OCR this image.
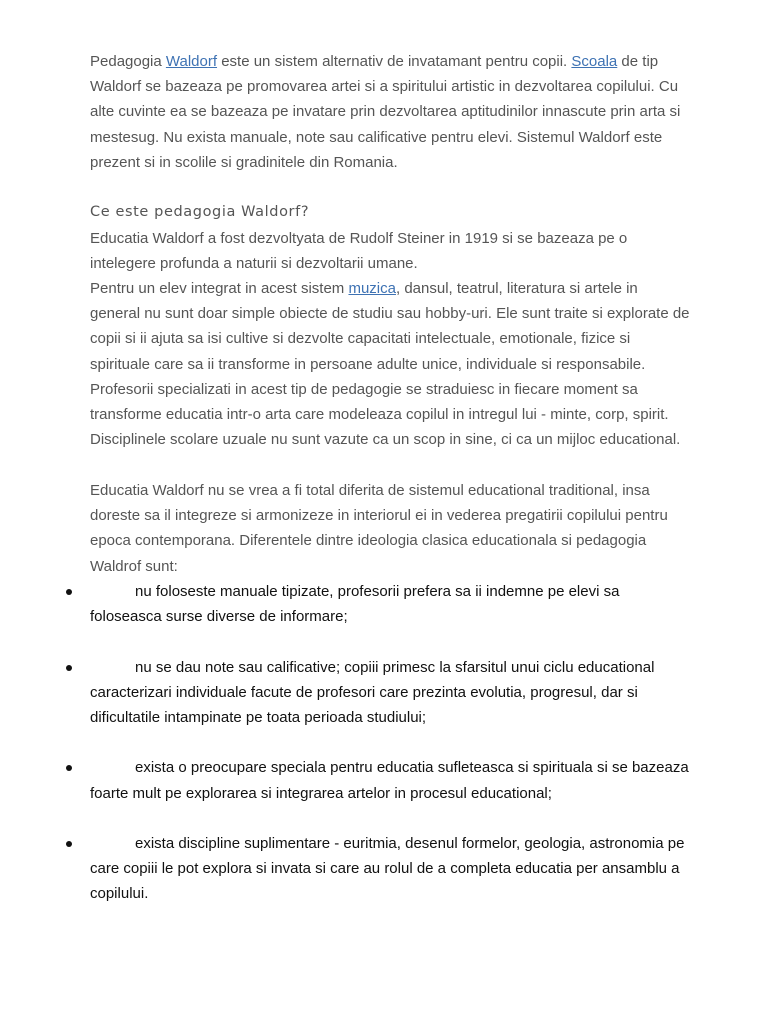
Pedagogia Waldorf este un sistem alternativ de invatamant pentru copii. Scoala de tip Waldorf se bazeaza pe promovarea artei si a spiritului artistic in dezvoltarea copilului. Cu alte cuvinte ea se bazeaza pe invatare prin dezvoltarea aptitudinilor innascute prin arta si mestesug. Nu exista manuale, note sau calificative pentru elevi. Sistemul Waldorf este prezent si in scolile si gradinitele din Romania.

Ce este pedagogia Waldorf?

Educatia Waldorf a fost dezvoltyata de Rudolf Steiner in 1919 si se bazeaza pe o intelegere profunda a naturii si dezvoltarii umane.

Pentru un elev integrat in acest sistem muzica, dansul, teatrul, literatura si artele in general nu sunt doar simple obiecte de studiu sau hobby-uri. Ele sunt traite si explorate de copii si ii ajuta sa isi cultive si dezvolte capacitati intelectuale, emotionale, fizice si spirituale care sa ii transforme in persoane adulte unice, individuale si responsabile.

Profesorii specializati in acest tip de pedagogie se straduiesc in fiecare moment sa transforme educatia intr-o arta care modeleaza copilul in intregul lui - minte, corp, spirit. Disciplinele scolare uzuale nu sunt vazute ca un scop in sine, ci ca un mijloc educational.

Educatia Waldorf nu se vrea a fi total diferita de sistemul educational traditional, insa doreste sa il integreze si armonizeze in interiorul ei in vederea pregatirii copilului pentru epoca contemporana. Diferentele dintre ideologia clasica educationala si pedagogia Waldrof sunt:

nu foloseste manuale tipizate, profesorii prefera sa ii indemne pe elevi sa foloseasca surse diverse de informare;
nu se dau note sau calificative; copiii primesc la sfarsitul unui ciclu educational caracterizari individuale facute de profesori care prezinta evolutia, progresul, dar si dificultatile intampinate pe toata perioada studiului;
exista o preocupare speciala pentru educatia sufleteasca si spirituala si se bazeaza foarte mult pe explorarea si integrarea artelor in procesul educational;
exista discipline suplimentare - euritmia, desenul formelor, geologia, astronomia pe care copiii le pot explora si invata si care au rolul de a completa educatia per ansamblu a copilului.
